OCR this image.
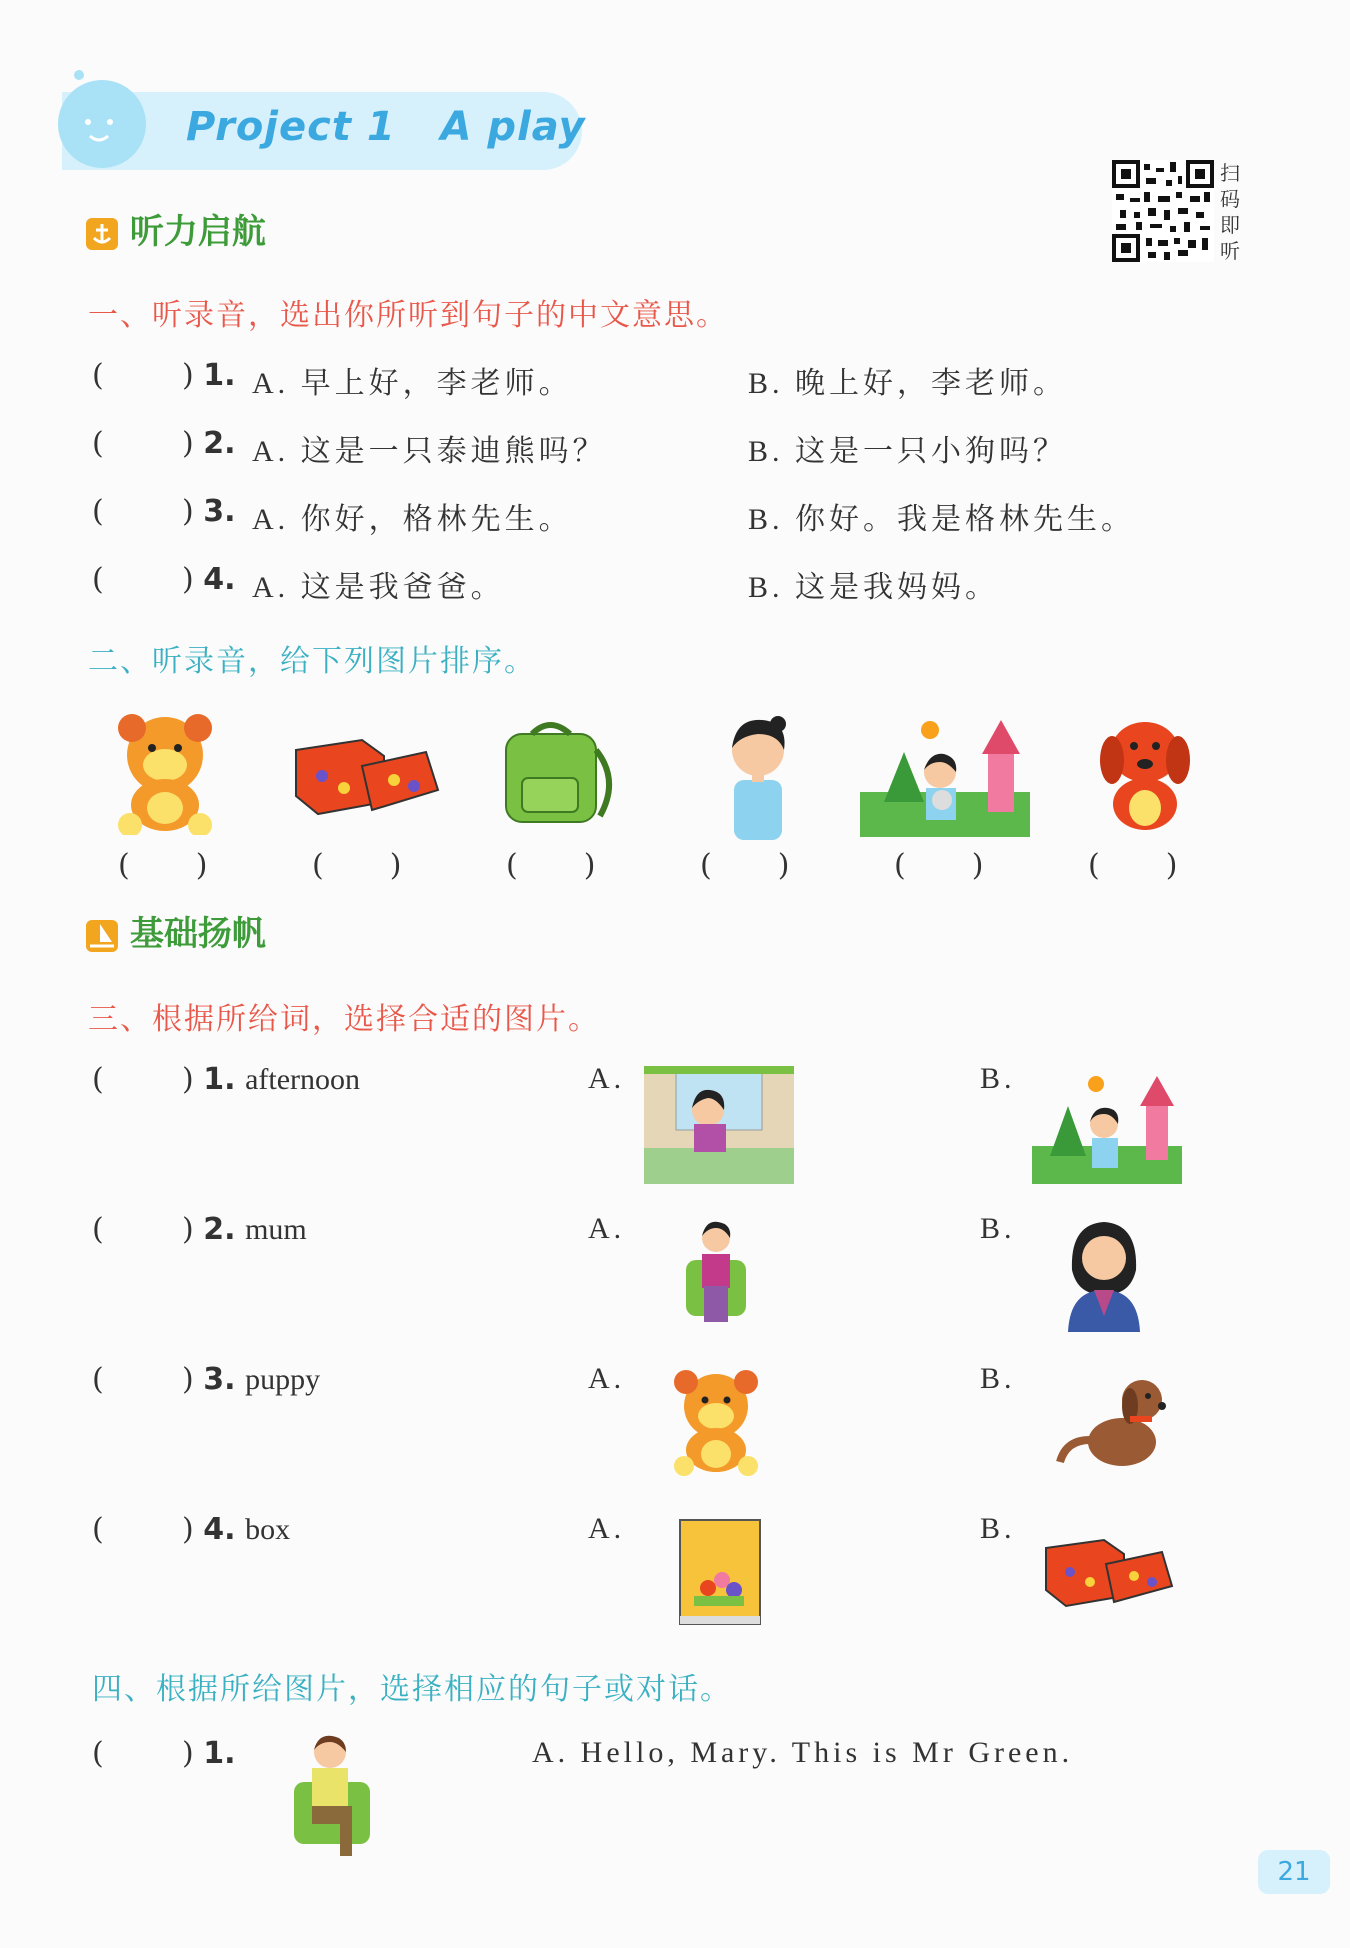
Project 1   A play
扫码即听
听力启航
一、听录音，选出你所听到句子的中文意思。
(	) 1. A. 早上好，李老师。	B. 晚上好，李老师。
(	) 2. A. 这是一只泰迪熊吗？	B. 这是一只小狗吗？
(	) 3. A. 你好，格林先生。	B. 你好。我是格林先生。
(	) 4. A. 这是我爸爸。	B. 这是我妈妈。
二、听录音，给下列图片排序。
( )	( )	( )	( )	( )	( )
基础扬帆
三、根据所给词，选择合适的图片。
(	) 1. afternoon	A.	B.
(	) 2. mum	A.	B.
(	) 3. puppy	A.	B.
(	) 4. box	A.	B.
四、根据所给图片，选择相应的句子或对话。
(	) 1.	A. Hello, Mary. This is Mr Green.
21
